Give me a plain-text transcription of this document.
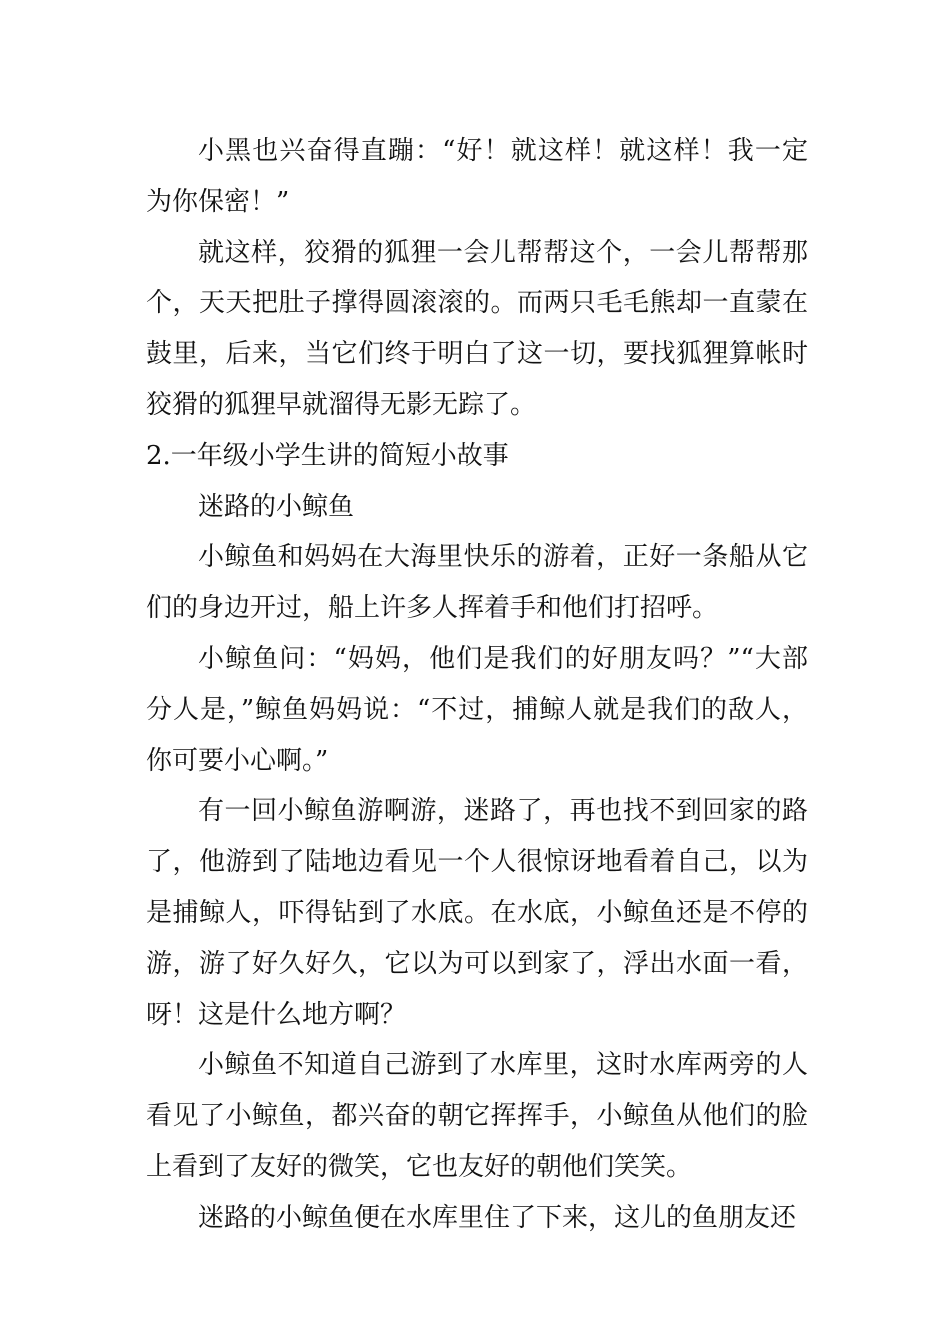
小黑也兴奋得直蹦：“好！就这样！就这样！我一定为你保密！”

就这样，狡猾的狐狸一会儿帮帮这个，一会儿帮帮那个，天天把肚子撑得圆滚滚的。而两只毛毛熊却一直蒙在鼓里，后来，当它们终于明白了这一切，要找狐狸算帐时狡猾的狐狸早就溜得无影无踪了。

2.一年级小学生讲的简短小故事

迷路的小鲸鱼

小鲸鱼和妈妈在大海里快乐的游着，正好一条船从它们的身边开过，船上许多人挥着手和他们打招呼。

小鲸鱼问：“妈妈，他们是我们的好朋友吗？”“大部分人是，”鲸鱼妈妈说：“不过，捕鲸人就是我们的敌人，你可要小心啊。”

有一回小鲸鱼游啊游，迷路了，再也找不到回家的路了，他游到了陆地边看见一个人很惊讶地看着自己，以为是捕鲸人，吓得钻到了水底。在水底，小鲸鱼还是不停的游，游了好久好久，它以为可以到家了，浮出水面一看，呀！这是什么地方啊？

小鲸鱼不知道自己游到了水库里，这时水库两旁的人看见了小鲸鱼，都兴奋的朝它挥挥手，小鲸鱼从他们的脸上看到了友好的微笑，它也友好的朝他们笑笑。

迷路的小鲸鱼便在水库里住了下来，这儿的鱼朋友还
